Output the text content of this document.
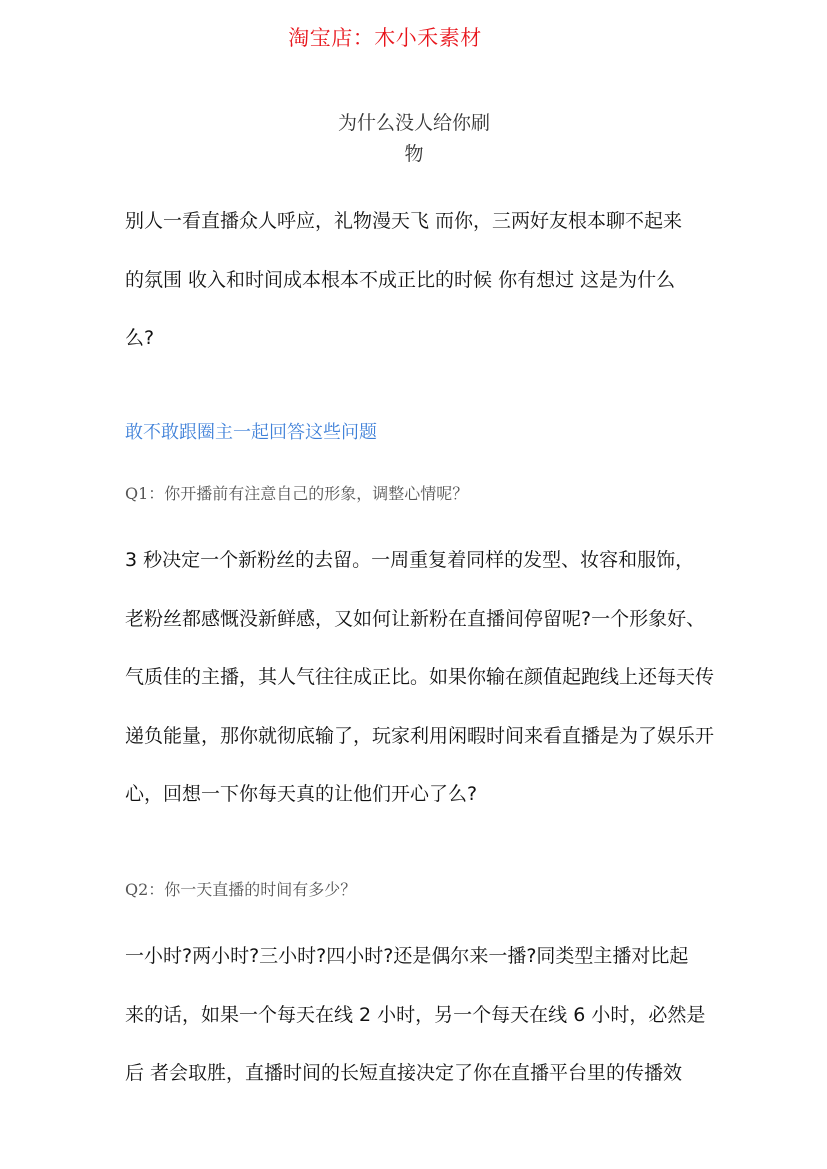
淘宝店：木小禾素材
为什么没人给你刷
物
别人一看直播众人呼应，礼物漫天飞 而你，三两好友根本聊不起来
的氛围 收入和时间成本根本不成正比的时候 你有想过 这是为什么
么?
敢不敢跟圈主一起回答这些问题
Q1：你开播前有注意自己的形象，调整心情呢？
3 秒决定一个新粉丝的去留。一周重复着同样的发型、妆容和服饰，
老粉丝都感慨没新鲜感，又如何让新粉在直播间停留呢?一个形象好、
气质佳的主播，其人气往往成正比。如果你输在颜值起跑线上还每天传
递负能量，那你就彻底输了，玩家利用闲暇时间来看直播是为了娱乐开
心，回想一下你每天真的让他们开心了么?
Q2：你一天直播的时间有多少？
一小时?两小时?三小时?四小时?还是偶尔来一播?同类型主播对比起
来的话，如果一个每天在线 2 小时，另一个每天在线 6 小时，必然是
后 者会取胜，直播时间的长短直接决定了你在直播平台里的传播效
